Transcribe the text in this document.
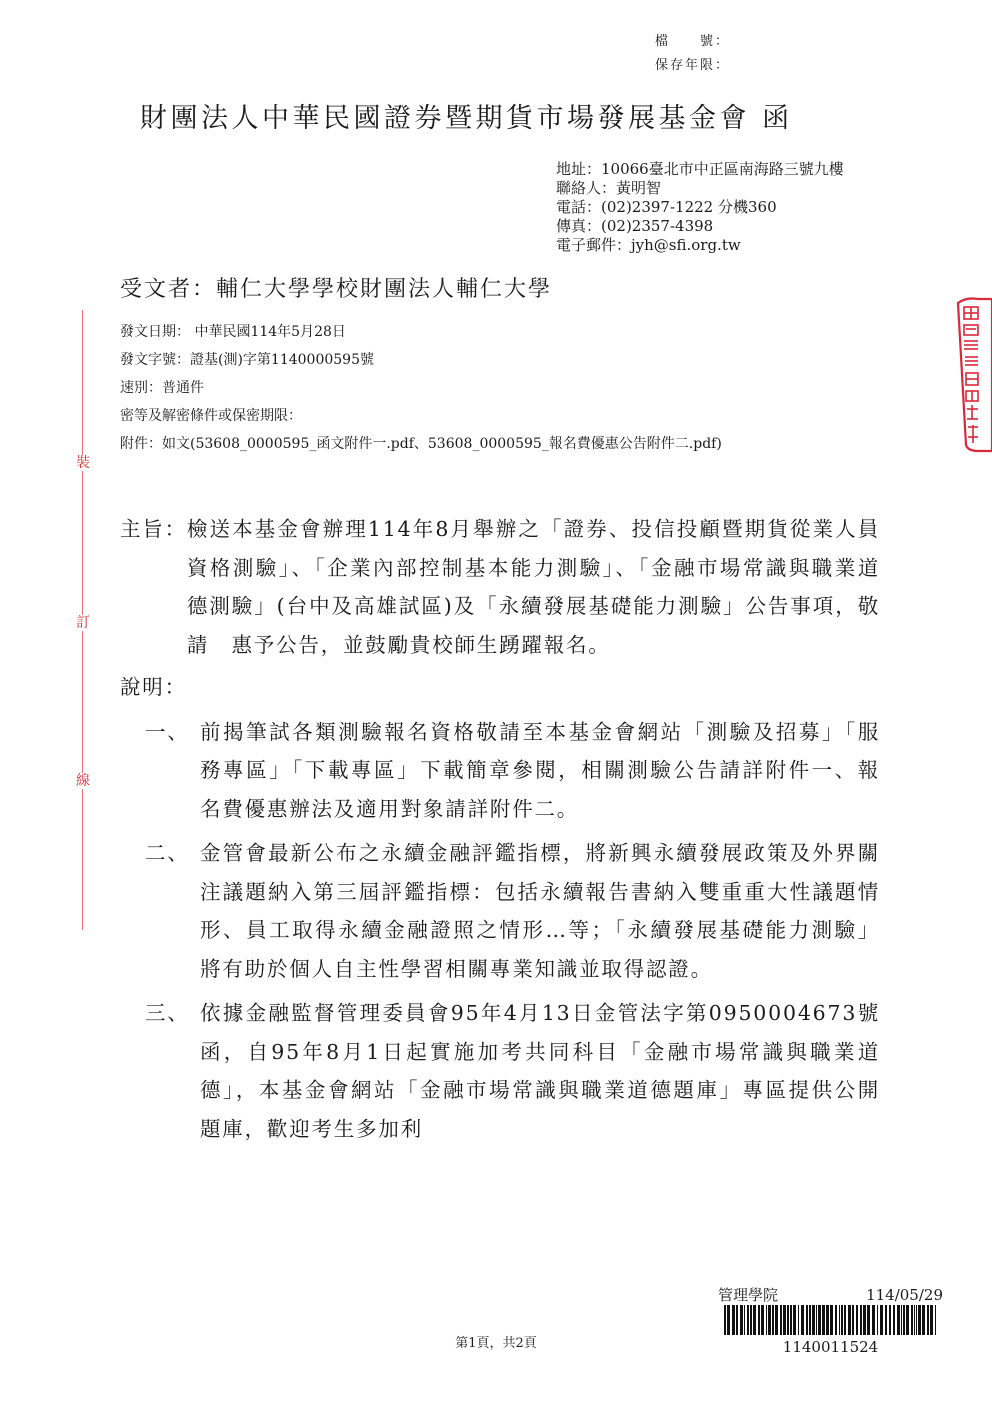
檔　　號：
保存年限：
財團法人中華民國證券暨期貨市場發展基金會 函
地址：10066臺北市中正區南海路三號九樓
聯絡人：黃明智
電話：(02)2397-1222 分機360
傳真：(02)2357-4398
電子郵件：jyh@sfi.org.tw
受文者：輔仁大學學校財團法人輔仁大學
發文日期： 中華民國114年5月28日
發文字號：證基(測)字第1140000595號
速別：普通件
密等及解密條件或保密期限：
附件： 如文(53608_0000595_函文附件一.pdf、53608_0000595_報名費優惠公告附件二.pdf)
主旨： 檢送本基金會辦理114年8月舉辦之「證券、投信投顧暨期貨從業人員資格測驗」、「企業內部控制基本能力測驗」、「金融市場常識與職業道德測驗」(台中及高雄試區)及「永續發展基礎能力測驗」公告事項，敬請　惠予公告，並鼓勵貴校師生踴躍報名。
說明：
一、 前揭筆試各類測驗報名資格敬請至本基金會網站「測驗及招募」「服務專區」「下載專區」下載簡章參閱，相關測驗公告請詳附件一、報名費優惠辦法及適用對象請詳附件二。
二、 金管會最新公布之永續金融評鑑指標，將新興永續發展政策及外界關注議題納入第三屆評鑑指標：包括永續報告書納入雙重重大性議題情形、員工取得永續金融證照之情形…等；「永續發展基礎能力測驗」將有助於個人自主性學習相關專業知識並取得認證。
三、 依據金融監督管理委員會95年4月13日金管法字第0950004673號函，自95年8月1日起實施加考共同科目「金融市場常識與職業道德」，本基金會網站「金融市場常識與職業道德題庫」專區提供公開題庫，歡迎考生多加利
裝
訂
線
管理學院	114/05/29
1140011524
第1頁，共2頁
